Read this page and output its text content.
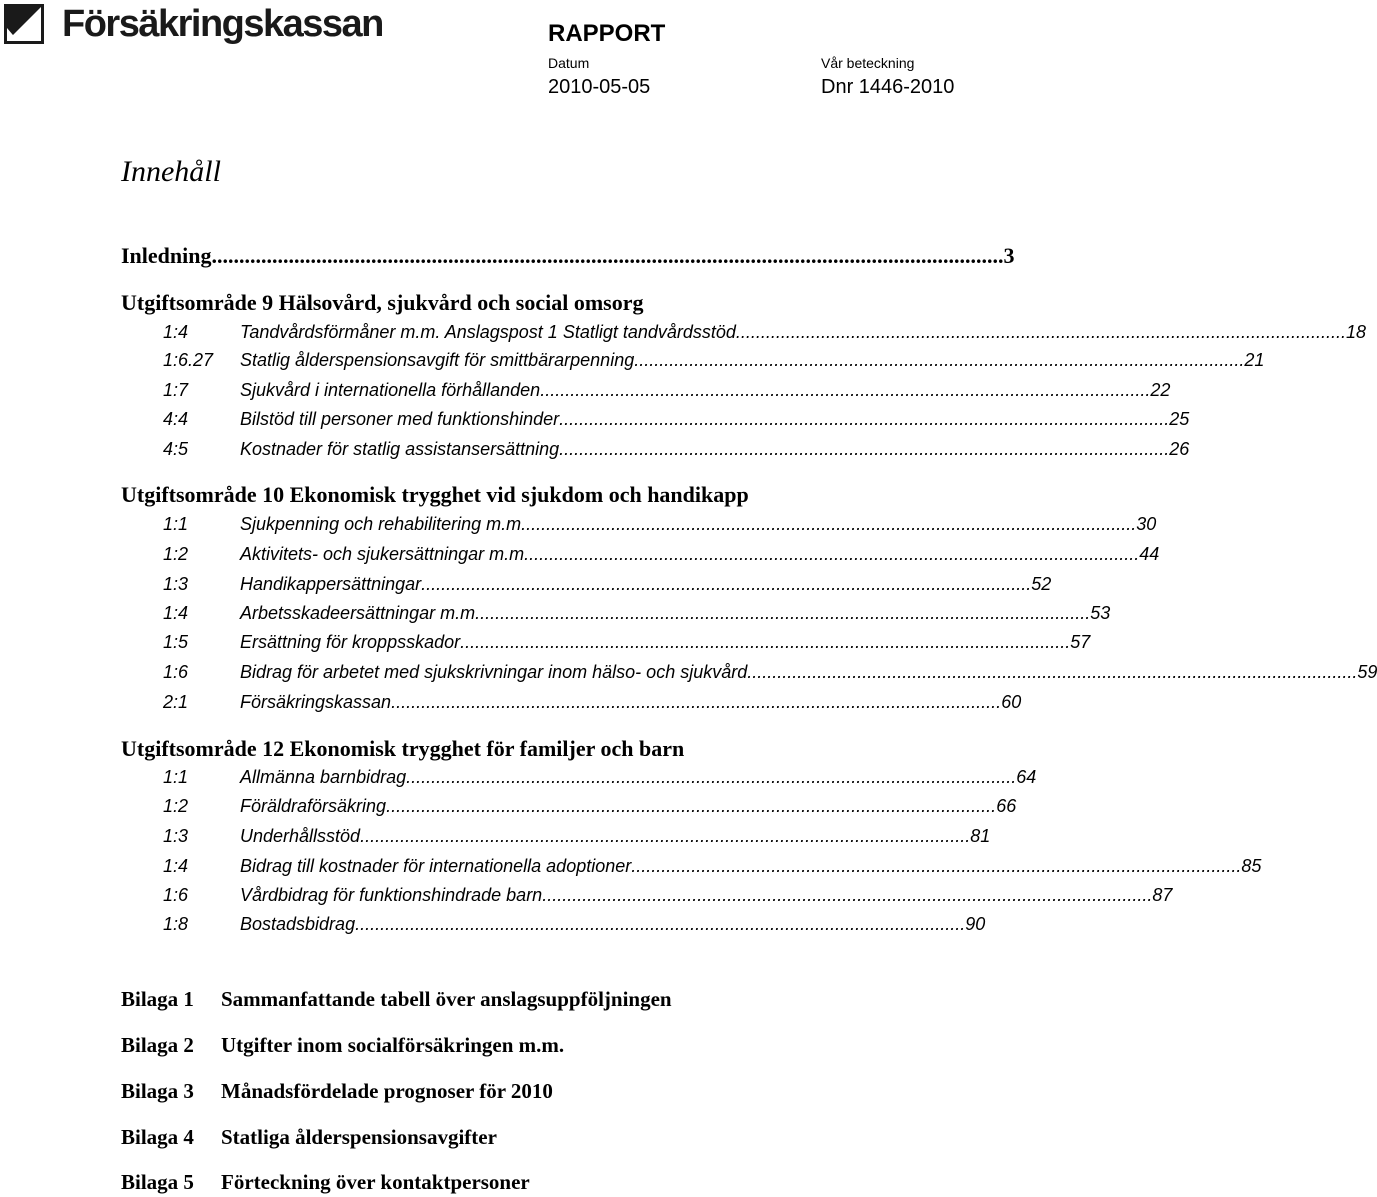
Försäkringskassan	RAPPORT
Datum	Vår beteckning
2010-05-05	Dnr 1446-2010
Innehåll
Inledning ................................................................................................................................................ 3
Utgiftsområde 9 Hälsovård, sjukvård och social omsorg
1:4	Tandvårdsförmåner m.m. Anslagspost 1 Statligt tandvårdsstöd .......................................................................................................................... 18
1:6.27	Statlig ålderspensionsavgift för smittbärarpenning .......................................................................................................................... 21
1:7	Sjukvård i internationella förhållanden .......................................................................................................................... 22
4:4	Bilstöd till personer med funktionshinder .......................................................................................................................... 25
4:5	Kostnader för statlig assistansersättning .......................................................................................................................... 26
Utgiftsområde 10 Ekonomisk trygghet vid sjukdom och handikapp
1:1	Sjukpenning och rehabilitering m.m. .......................................................................................................................... 30
1:2	Aktivitets- och sjukersättningar m.m. .......................................................................................................................... 44
1:3	Handikappersättningar .......................................................................................................................... 52
1:4	Arbetsskadeersättningar m.m. .......................................................................................................................... 53
1:5	Ersättning för kroppsskador .......................................................................................................................... 57
1:6	Bidrag för arbetet med sjukskrivningar inom hälso- och sjukvård .......................................................................................................................... 59
2:1	Försäkringskassan .......................................................................................................................... 60
Utgiftsområde 12 Ekonomisk trygghet för familjer och barn
1:1	Allmänna barnbidrag .......................................................................................................................... 64
1:2	Föräldraförsäkring .......................................................................................................................... 66
1:3	Underhållsstöd .......................................................................................................................... 81
1:4	Bidrag till kostnader för internationella adoptioner .......................................................................................................................... 85
1:6	Vårdbidrag för funktionshindrade barn .......................................................................................................................... 87
1:8	Bostadsbidrag .......................................................................................................................... 90
Bilaga 1	Sammanfattande tabell över anslagsuppföljningen
Bilaga 2	Utgifter inom socialförsäkringen m.m.
Bilaga 3	Månadsfördelade prognoser för 2010
Bilaga 4	Statliga ålderspensionsavgifter
Bilaga 5	Förteckning över kontaktpersoner
